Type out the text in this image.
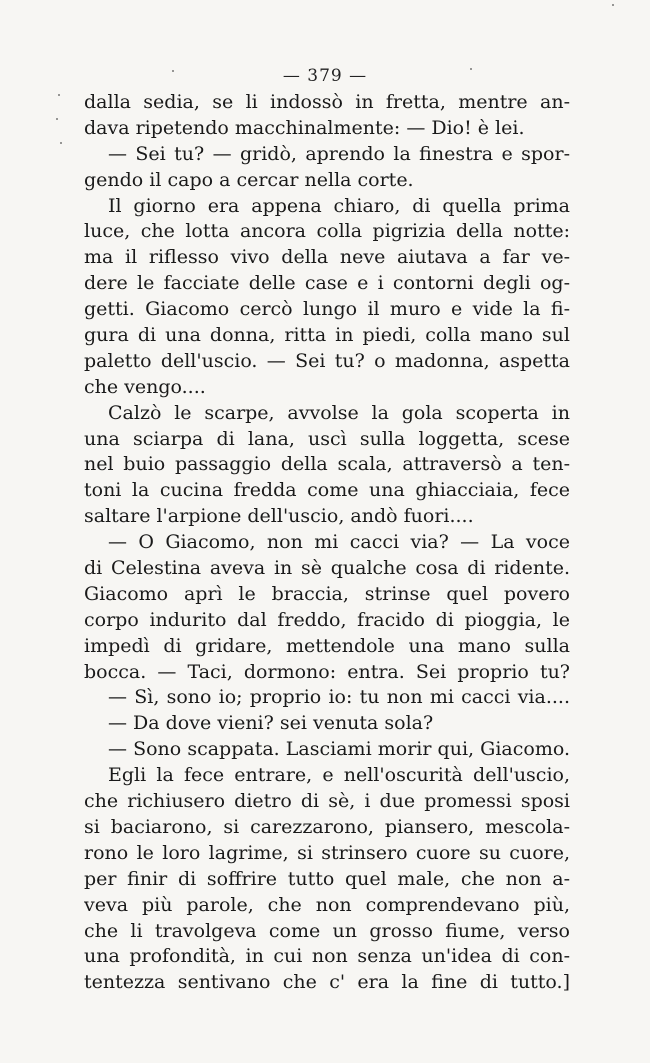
— 379 —
dalla sedia, se li indossò in fretta, mentre an-
dava ripetendo macchinalmente: — Dio! è lei.
— Sei tu? — gridò, aprendo la finestra e spor-
gendo il capo a cercar nella corte.
Il giorno era appena chiaro, di quella prima
luce, che lotta ancora colla pigrizia della notte:
ma il riflesso vivo della neve aiutava a far ve-
dere le facciate delle case e i contorni degli og-
getti. Giacomo cercò lungo il muro e vide la fi-
gura di una donna, ritta in piedi, colla mano sul
paletto dell'uscio. — Sei tu? o madonna, aspetta
che vengo....
Calzò le scarpe, avvolse la gola scoperta in
una sciarpa di lana, uscì sulla loggetta, scese
nel buio passaggio della scala, attraversò a ten-
toni la cucina fredda come una ghiacciaia, fece
saltare l'arpione dell'uscio, andò fuori....
— O Giacomo, non mi cacci via? — La voce
di Celestina aveva in sè qualche cosa di ridente.
Giacomo aprì le braccia, strinse quel povero
corpo indurito dal freddo, fracido di pioggia, le
impedì di gridare, mettendole una mano sulla
bocca. — Taci, dormono: entra. Sei proprio tu?
— Sì, sono io; proprio io: tu non mi cacci via....
— Da dove vieni? sei venuta sola?
— Sono scappata. Lasciami morir qui, Giacomo.
Egli la fece entrare, e nell'oscurità dell'uscio,
che richiusero dietro di sè, i due promessi sposi
si baciarono, si carezzarono, piansero, mescola-
rono le loro lagrime, si strinsero cuore su cuore,
per finir di soffrire tutto quel male, che non a-
veva più parole, che non comprendevano più,
che li travolgeva come un grosso fiume, verso
una profondità, in cui non senza un'idea di con-
tentezza sentivano che c' era la fine di tutto.]
